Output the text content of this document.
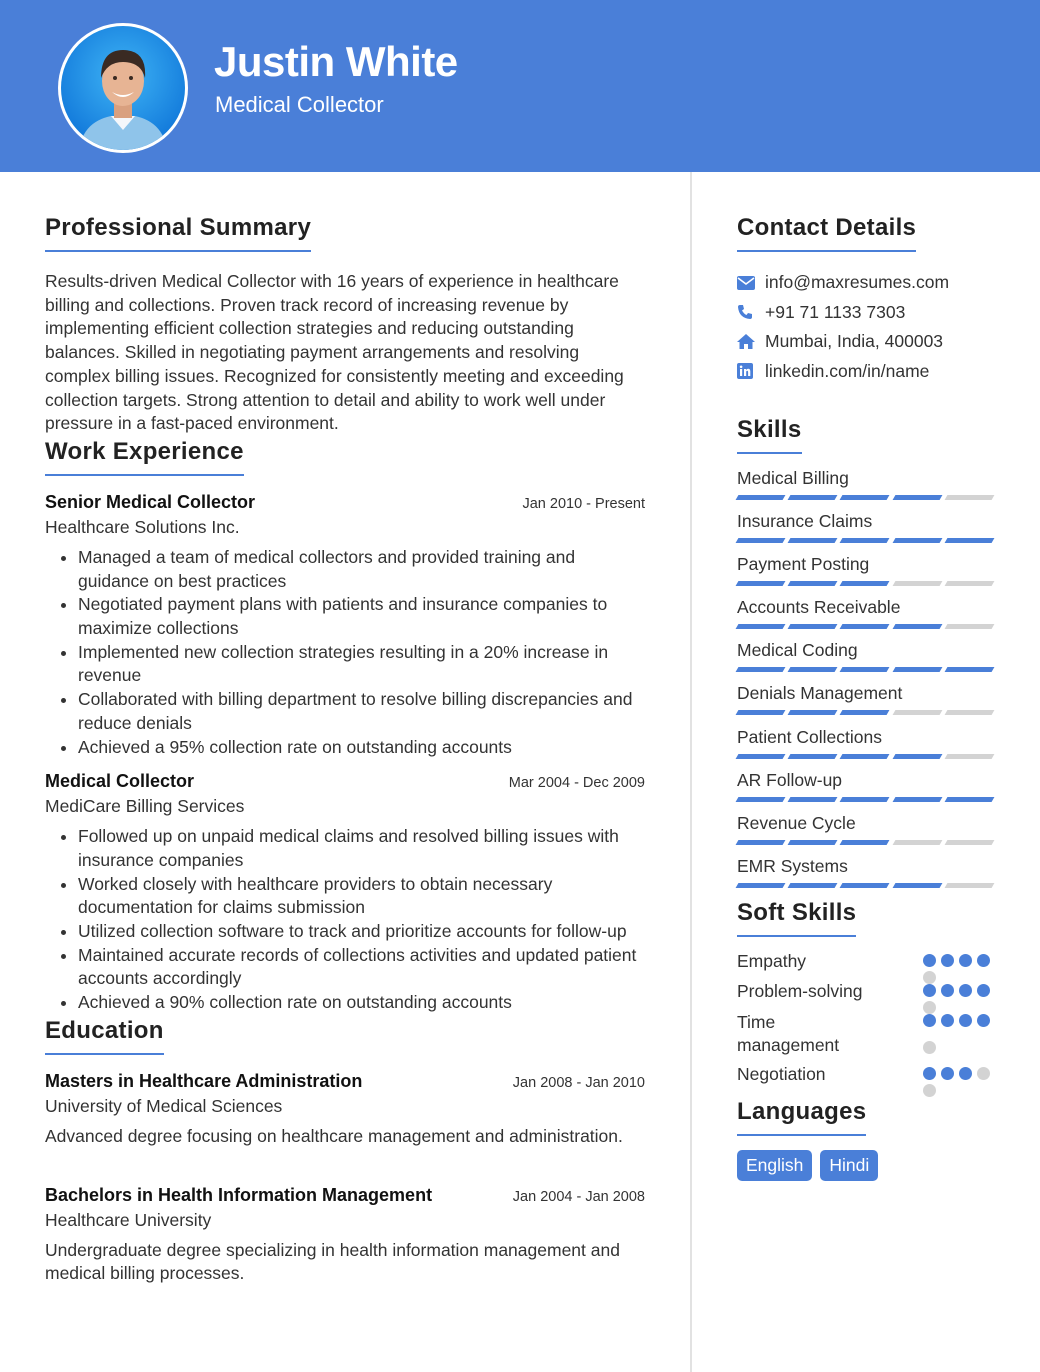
Justin White
Medical Collector
Professional Summary

Results-driven Medical Collector with 16 years of experience in healthcare billing and collections. Proven track record of increasing revenue by implementing efficient collection strategies and reducing outstanding balances. Skilled in negotiating payment arrangements and resolving complex billing issues. Recognized for consistently meeting and exceeding collection targets. Strong attention to detail and ability to work well under pressure in a fast-paced environment.

Work Experience
Senior Medical Collector	Jan 2010 - Present
Healthcare Solutions Inc.
• Managed a team of medical collectors and provided training and guidance on best practices
• Negotiated payment plans with patients and insurance companies to maximize collections
• Implemented new collection strategies resulting in a 20% increase in revenue
• Collaborated with billing department to resolve billing discrepancies and reduce denials
• Achieved a 95% collection rate on outstanding accounts
Medical Collector	Mar 2004 - Dec 2009
MediCare Billing Services
• Followed up on unpaid medical claims and resolved billing issues with insurance companies
• Worked closely with healthcare providers to obtain necessary documentation for claims submission
• Utilized collection software to track and prioritize accounts for follow-up
• Maintained accurate records of collections activities and updated patient accounts accordingly
• Achieved a 90% collection rate on outstanding accounts
Education
Masters in Healthcare Administration	Jan 2008 - Jan 2010
University of Medical Sciences

Advanced degree focusing on healthcare management and administration.

Bachelors in Health Information Management	Jan 2004 - Jan 2008
Healthcare University

Undergraduate degree specializing in health information management and medical billing processes.

Contact Details
info@maxresumes.com
+91 71 1133 7303
Mumbai, India, 400003
linkedin.com/in/name
Skills
Medical Billing
Insurance Claims
Payment Posting
Accounts Receivable
Medical Coding
Denials Management
Patient Collections
AR Follow-up
Revenue Cycle
EMR Systems
Soft Skills
Empathy
Problem-solving
Time management
Negotiation
Languages
English	Hindi
